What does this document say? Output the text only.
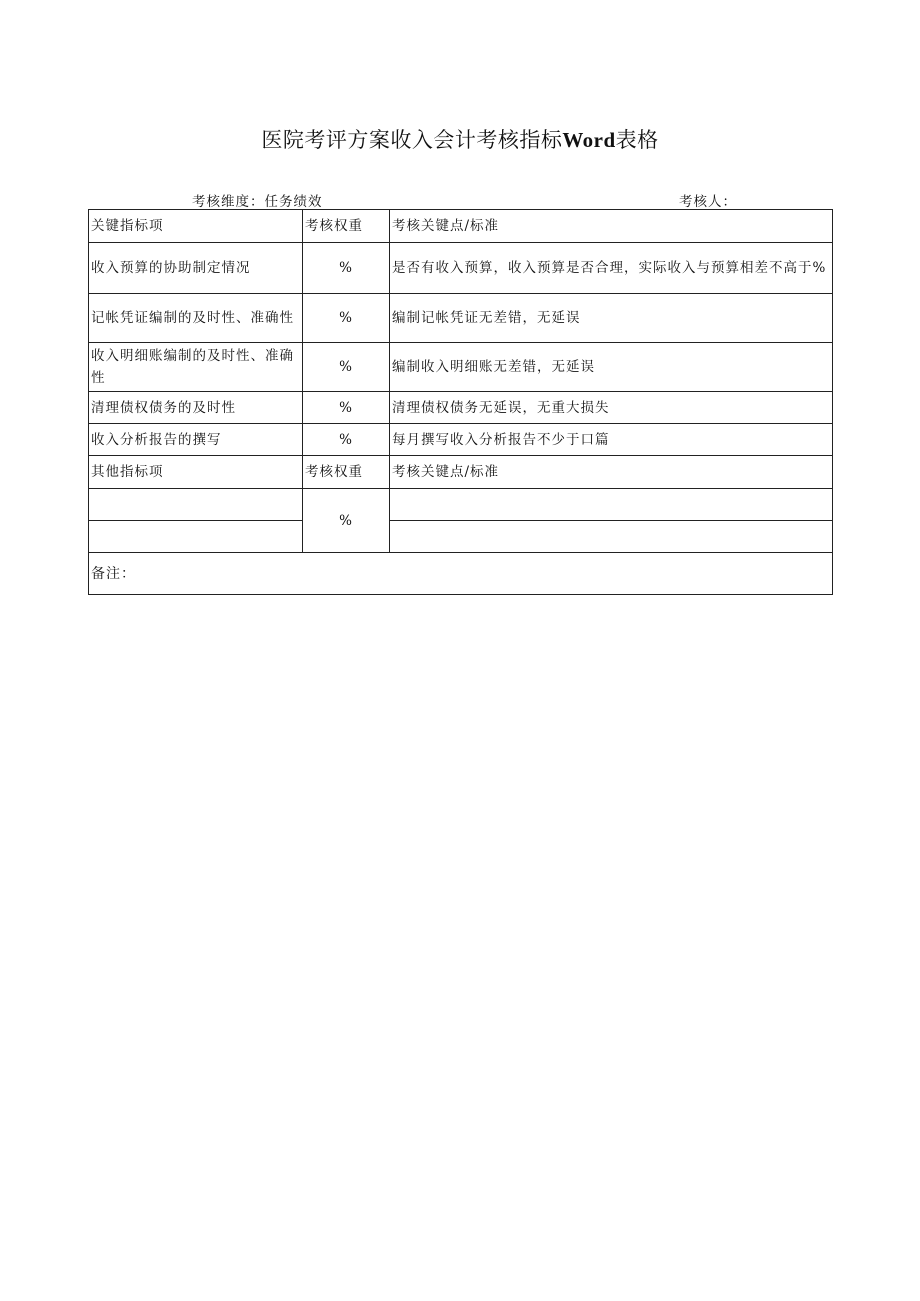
医院考评方案收入会计考核指标Word表格
考核维度：任务绩效	考核人：
关键指标项	考核权重	考核关键点/标准
收入预算的协助制定情况	%	是否有收入预算，收入预算是否合理，实际收入与预算相差不高于%
记帐凭证编制的及时性、准确性	%	编制记帐凭证无差错，无延误
收入明细账编制的及时性、准确性	%	编制收入明细账无差错，无延误
清理债权债务的及时性	%	清理债权债务无延误，无重大损失
收入分析报告的撰写	%	每月撰写收入分析报告不少于口篇
其他指标项	考核权重	考核关键点/标准
	%	

备注：		
